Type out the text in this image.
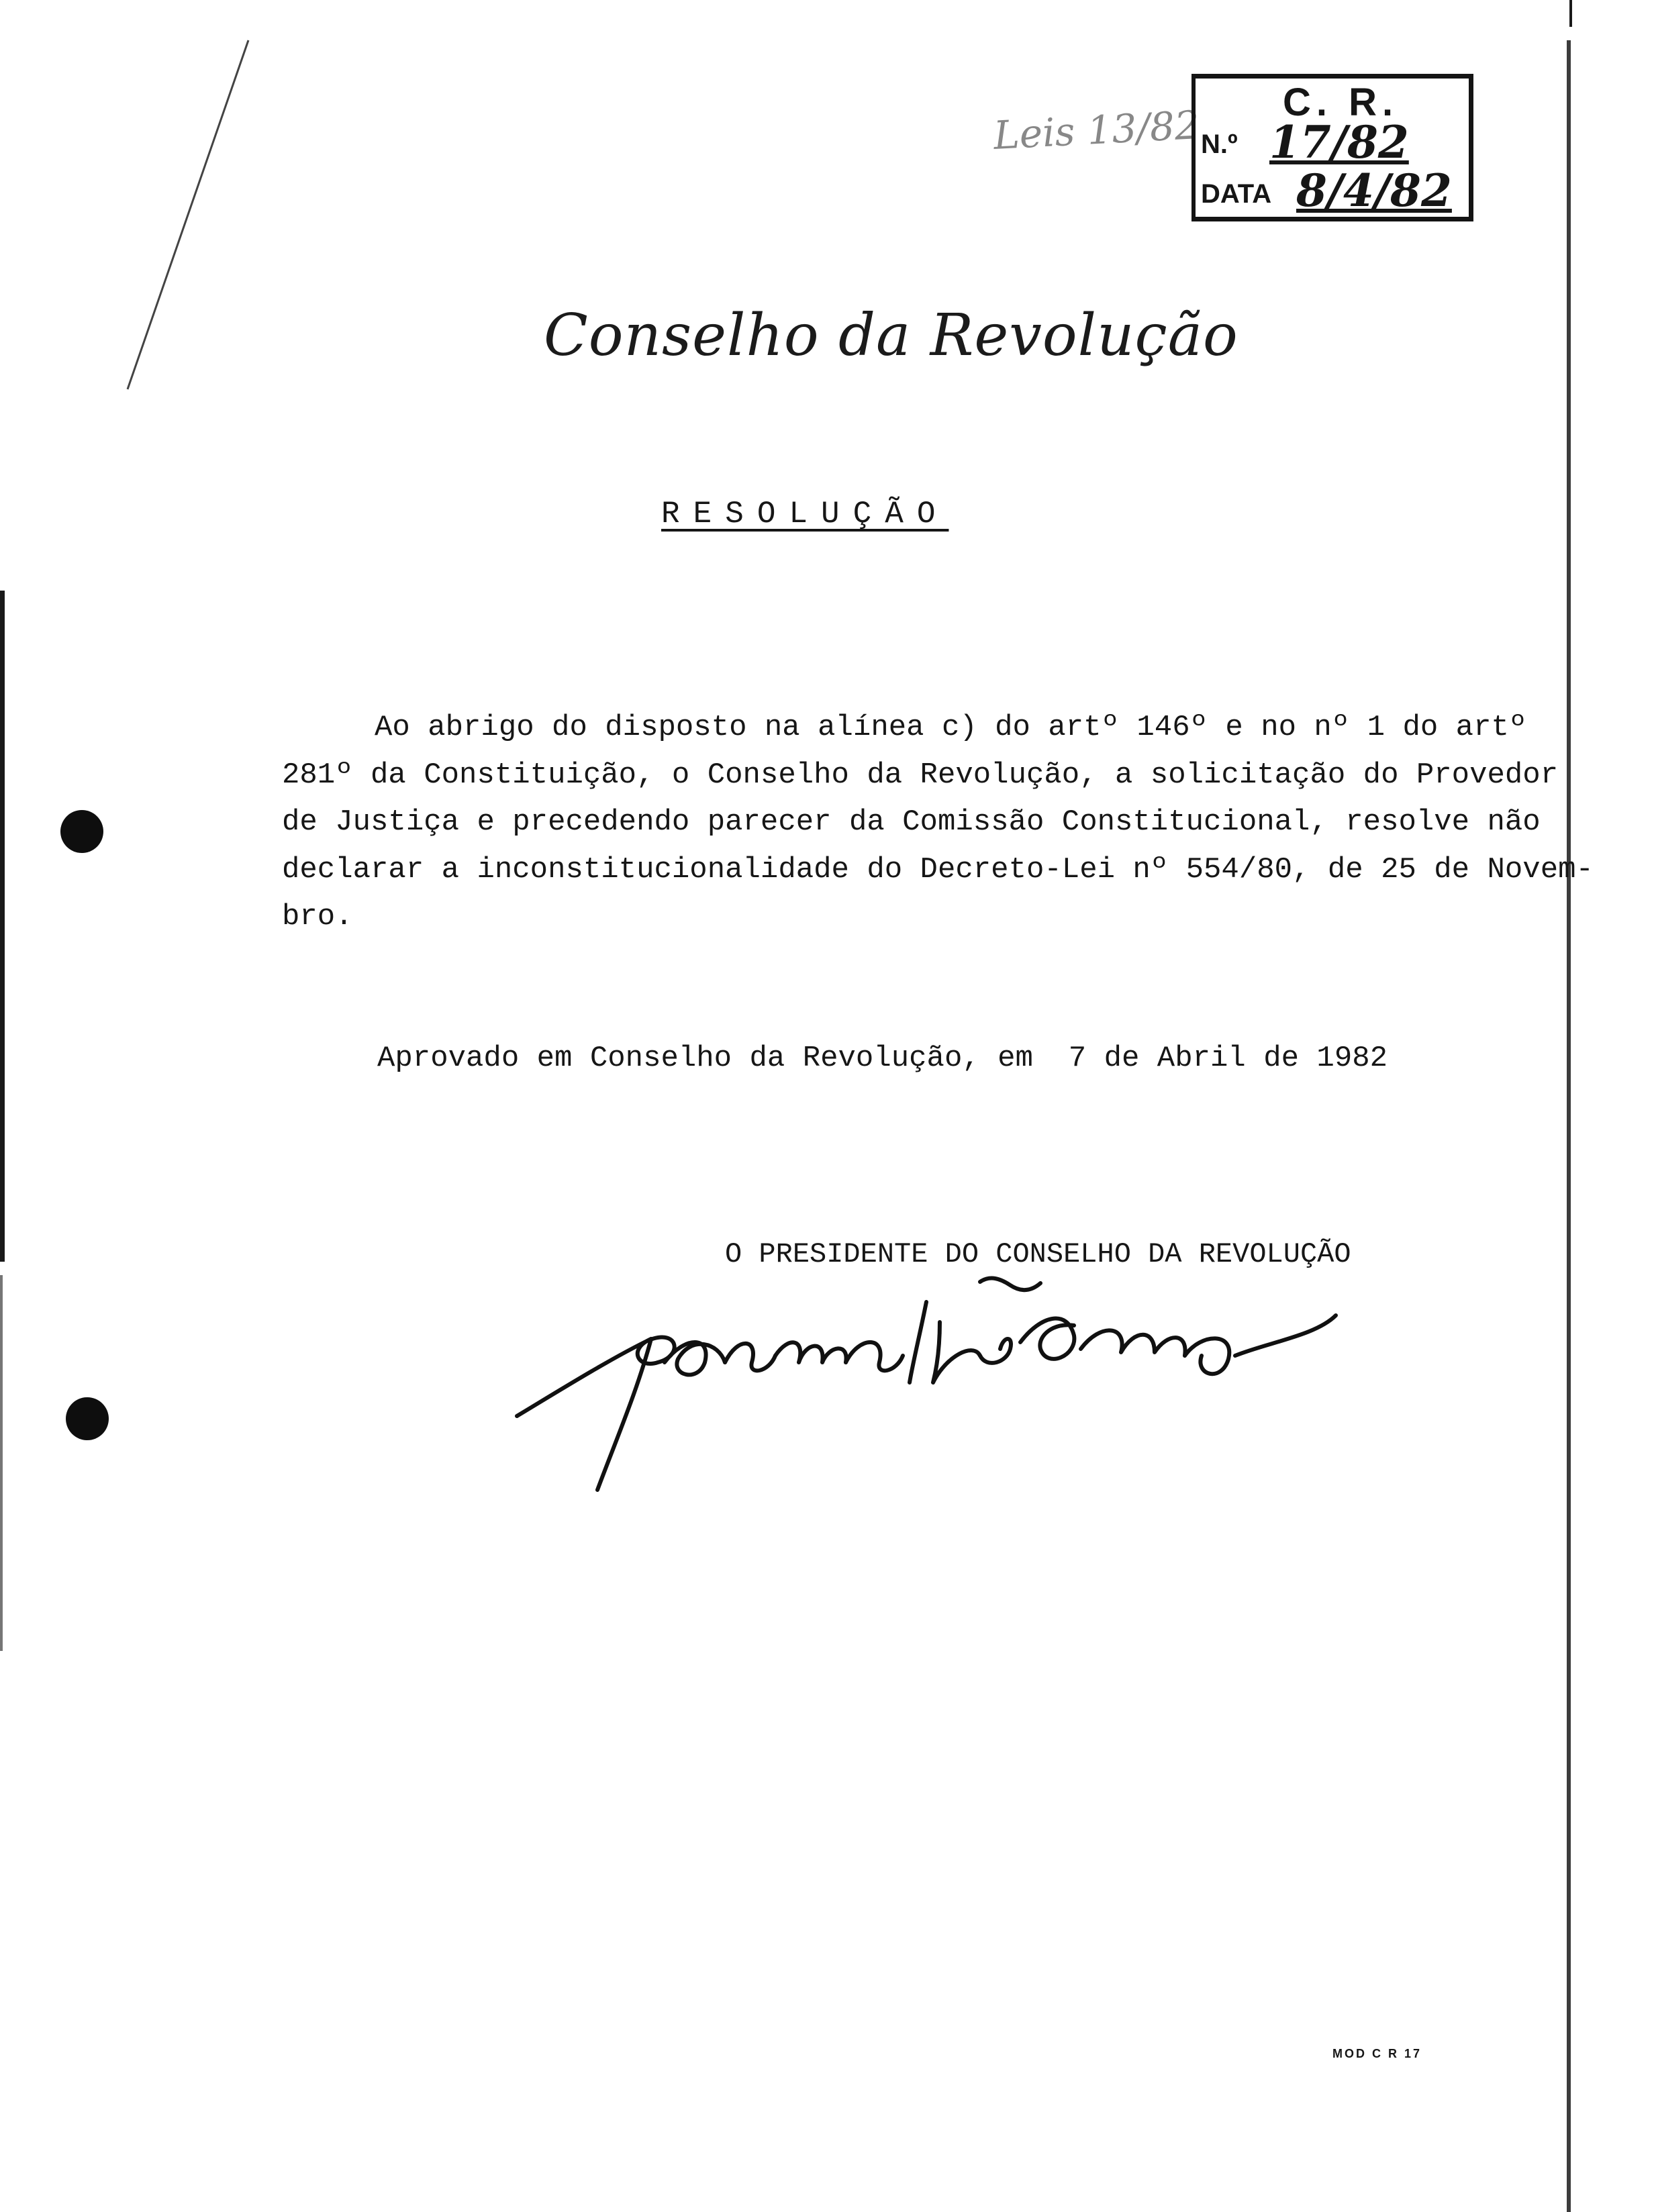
Leis 13/82 C. R.
N.º 17/82
DATA 8/4/82
Conselho da Revolução
RESOLUÇÃO
Ao abrigo do disposto na alínea c) do artº 146º e no nº 1 do artº
281º da Constituição, o Conselho da Revolução, a solicitação do Provedor
de Justiça e precedendo parecer da Comissão Constitucional, resolve não
declarar a inconstitucionalidade do Decreto-Lei nº 554/80, de 25 de Novem-
bro.
Aprovado em Conselho da Revolução, em  7 de Abril de 1982
O PRESIDENTE DO CONSELHO DA REVOLUÇÃO
MOD C R 17
